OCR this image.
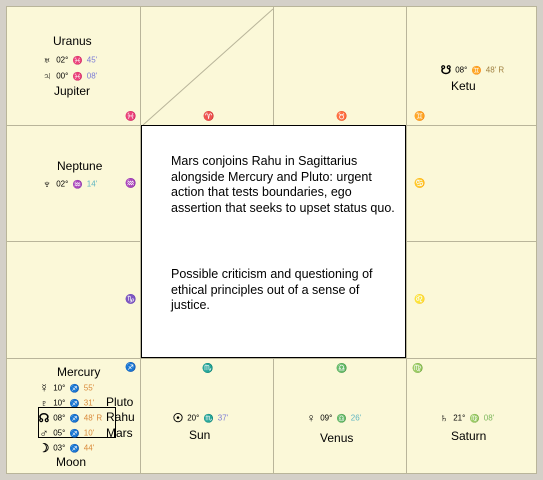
Uranus
♅ 02° ♓ 45'
♃ 00° ♓ 08'
Jupiter
♓	♈	♉
☋ 08° ♊ 48' R
Ketu
♊
Neptune
♆ 02° ♒ 14'	♒	♋
♑	♌
♐
Mercury
☿ 10° ♐ 55'
♇ 10° ♐ 31'
☊ 08° ♐ 48' R
♂ 05° ♐ 10'
Pluto
Rahu
Mars
☽ 03° ♐ 44'
Moon
♏
☉ 20° ♏ 37'
Sun
♎
♀ 09° ♎ 26'
Venus
♍
♄ 21° ♍ 08'
Saturn
Mars conjoins Rahu in Sagittarius alongside Mercury and Pluto: urgent action that tests boundaries, ego assertion that seeks to upset status quo.
Possible criticism and questioning of ethical principles out of a sense of justice.
